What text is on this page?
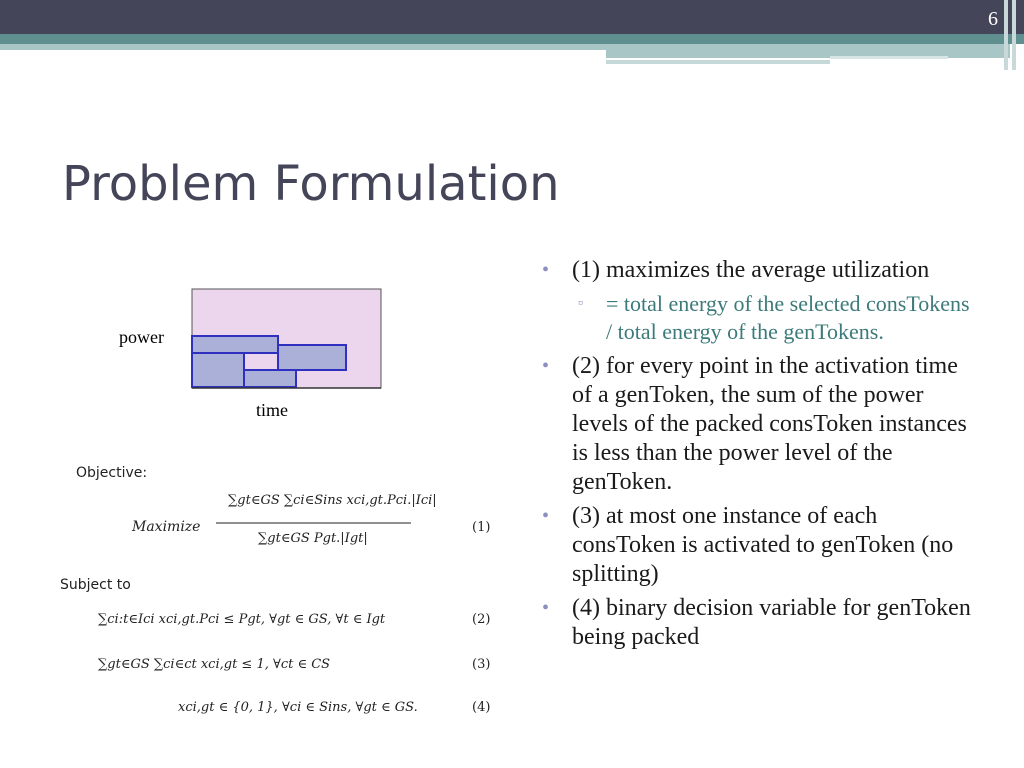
6
Problem Formulation
power
time
Objective:
Maximize
∑gt∈GS ∑ci∈Sins xci,gt.Pci.|Ici|
∑gt∈GS Pgt.|Igt|
(1)
Subject to
∑ci:t∈Ici xci,gt.Pci ≤ Pgt, ∀gt ∈ GS, ∀t ∈ Igt	(2)
∑gt∈GS ∑ci∈ct xci,gt ≤ 1, ∀ct ∈ CS	(3)
xci,gt ∈ {0, 1}, ∀ci ∈ Sins, ∀gt ∈ GS.	(4)
• (1) maximizes the average utilization
▫ = total energy of the selected consTokens / total energy of the genTokens.
• (2) for every point in the activation time of a genToken, the sum of the power levels of the packed consToken instances is less than the power level of the genToken.
• (3) at most one instance of each consToken is activated to genToken (no splitting)
• (4) binary decision variable for genToken being packed
